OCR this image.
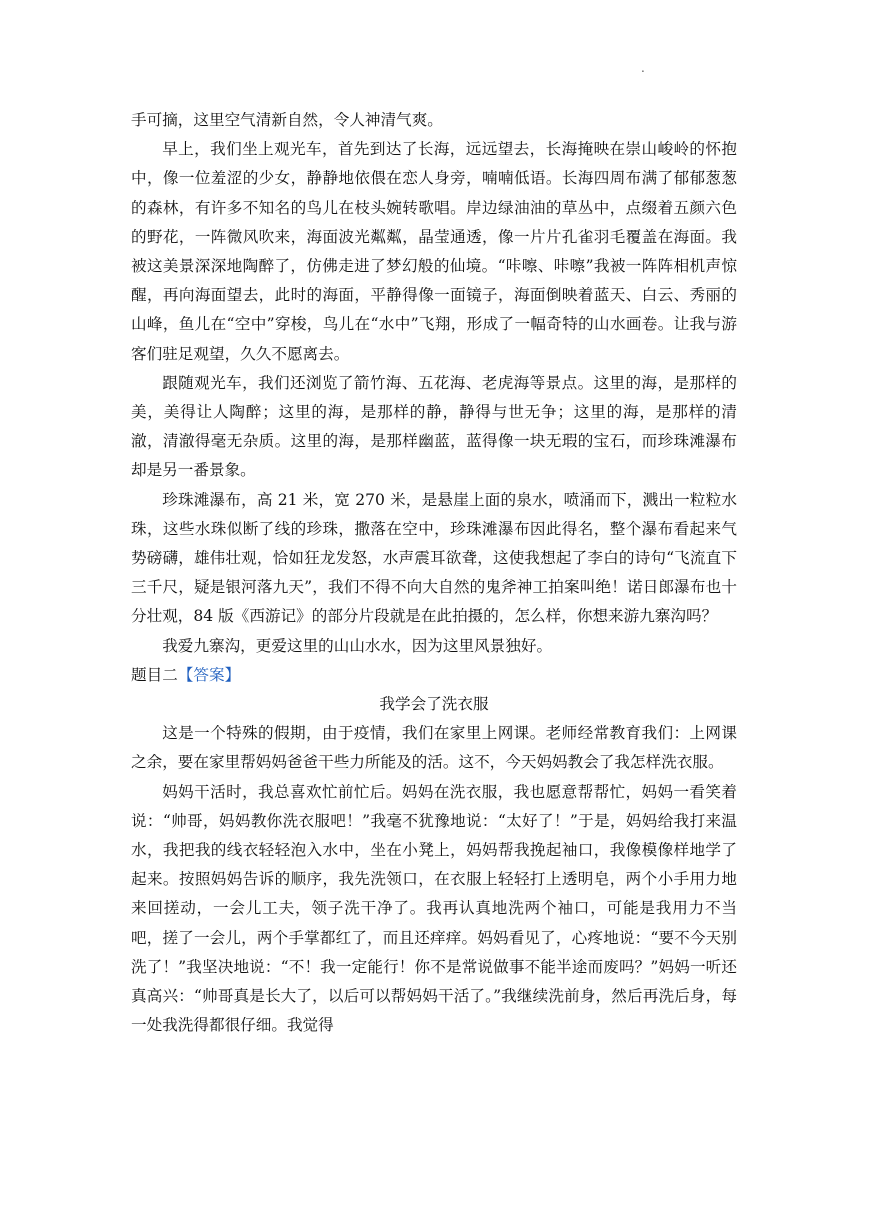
.

手可摘，这里空气清新自然，令人神清气爽。

早上，我们坐上观光车，首先到达了长海，远远望去，长海掩映在崇山峻岭的怀抱中，像一位羞涩的少女，静静地依偎在恋人身旁，喃喃低语。长海四周布满了郁郁葱葱的森林，有许多不知名的鸟儿在枝头婉转歌唱。岸边绿油油的草丛中，点缀着五颜六色的野花，一阵微风吹来，海面波光粼粼，晶莹通透，像一片片孔雀羽毛覆盖在海面。我被这美景深深地陶醉了，仿佛走进了梦幻般的仙境。“咔嚓、咔嚓”我被一阵阵相机声惊醒，再向海面望去，此时的海面，平静得像一面镜子，海面倒映着蓝天、白云、秀丽的山峰，鱼儿在“空中”穿梭，鸟儿在“水中”飞翔，形成了一幅奇特的山水画卷。让我与游客们驻足观望，久久不愿离去。

跟随观光车，我们还浏览了箭竹海、五花海、老虎海等景点。这里的海，是那样的美，美得让人陶醉；这里的海，是那样的静，静得与世无争；这里的海，是那样的清澈，清澈得毫无杂质。这里的海，是那样幽蓝，蓝得像一块无瑕的宝石，而珍珠滩瀑布却是另一番景象。

珍珠滩瀑布，高 21 米，宽 270 米，是悬崖上面的泉水，喷涌而下，溅出一粒粒水珠，这些水珠似断了线的珍珠，撒落在空中，珍珠滩瀑布因此得名，整个瀑布看起来气势磅礴，雄伟壮观，恰如狂龙发怒，水声震耳欲聋，这使我想起了李白的诗句“飞流直下三千尺，疑是银河落九天”，我们不得不向大自然的鬼斧神工拍案叫绝！诺日郎瀑布也十分壮观，84 版《西游记》的部分片段就是在此拍摄的，怎么样，你想来游九寨沟吗？

我爱九寨沟，更爱这里的山山水水，因为这里风景独好。

题目二【答案】

我学会了洗衣服

这是一个特殊的假期，由于疫情，我们在家里上网课。老师经常教育我们：上网课之余，要在家里帮妈妈爸爸干些力所能及的活。这不，今天妈妈教会了我怎样洗衣服。

妈妈干活时，我总喜欢忙前忙后。妈妈在洗衣服，我也愿意帮帮忙，妈妈一看笑着说：“帅哥，妈妈教你洗衣服吧！”我毫不犹豫地说：“太好了！”于是，妈妈给我打来温水，我把我的线衣轻轻泡入水中，坐在小凳上，妈妈帮我挽起袖口，我像模像样地学了起来。按照妈妈告诉的顺序，我先洗领口，在衣服上轻轻打上透明皂，两个小手用力地来回搓动，一会儿工夫，领子洗干净了。我再认真地洗两个袖口，可能是我用力不当吧，搓了一会儿，两个手掌都红了，而且还痒痒。妈妈看见了，心疼地说：“要不今天别洗了！”我坚决地说：“不！我一定能行！你不是常说做事不能半途而废吗？”妈妈一听还真高兴：“帅哥真是长大了，以后可以帮妈妈干活了。”我继续洗前身，然后再洗后身，每一处我洗得都很仔细。我觉得
